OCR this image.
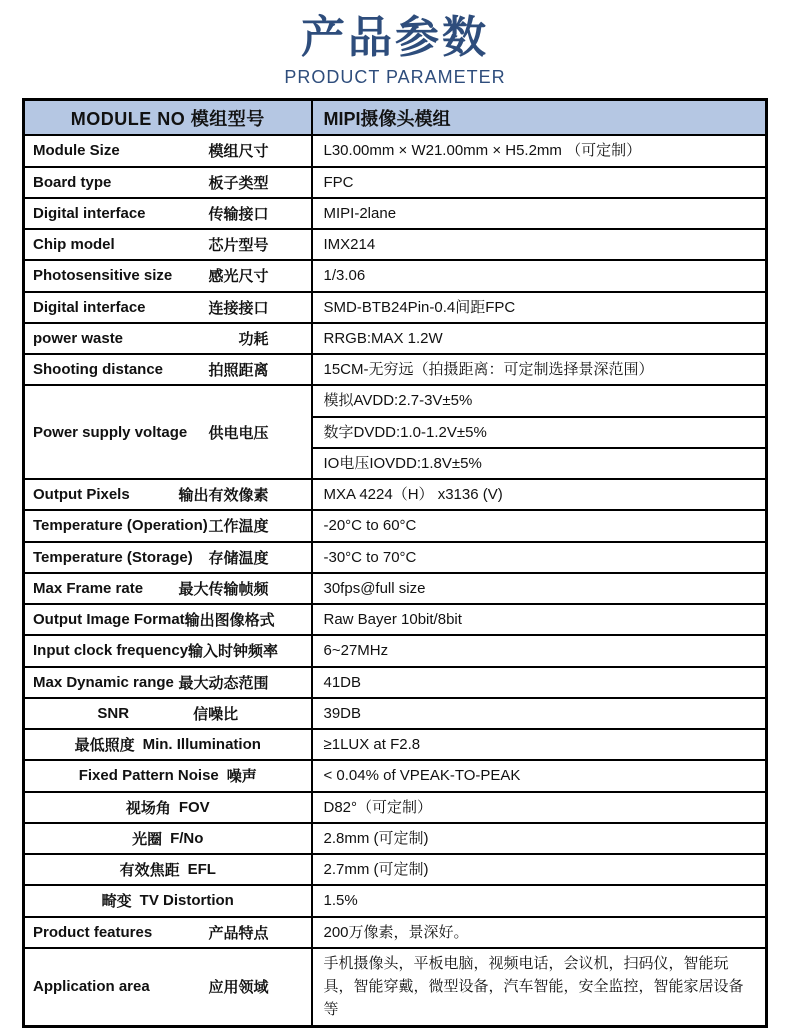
产品参数
PRODUCT PARAMETER
MODULE NO 模组型号	MIPI摄像头模组

Module Size 模组尺寸	L30.00mm × W21.00mm × H5.2mm （可定制）

Board type 板子类型	FPC

Digital interface 传输接口	MIPI-2lane

Chip model 芯片型号	IMX214

Photosensitive size 感光尺寸	1/3.06

Digital interface 连接接口	SMD-BTB24Pin-0.4间距FPC

power waste 功耗	RRGB:MAX 1.2W

Shooting distance 拍照距离	15CM-无穷远（拍摄距离：可定制选择景深范围）

Power supply voltage 供电电压	模拟AVDD:2.7-3V±5%
	数字DVDD:1.0-1.2V±5%
	IO电压IOVDD:1.8V±5%

Output Pixels 输出有效像素	MXA 4224（H） x3136 (V)

Temperature (Operation) 工作温度	-20°C to 60°C

Temperature (Storage) 存储温度	-30°C to 70°C

Max Frame rate 最大传输帧频	30fps@full size

Output Image Format 输出图像格式	Raw Bayer 10bit/8bit

Input clock frequency 输入时钟频率	6~27MHz

Max Dynamic range 最大动态范围	41DB

SNR 信噪比	39DB

最低照度 Min. Illumination	≥1LUX at F2.8

Fixed Pattern Noise 噪声	< 0.04% of VPEAK-TO-PEAK

视场角 FOV	D82°（可定制）

光圈 F/No	2.8mm (可定制)

有效焦距 EFL	2.7mm (可定制)

畸变 TV Distortion	1.5%

Product features 产品特点	200万像素，景深好。

Application area 应用领域	手机摄像头，平板电脑，视频电话，会议机，扫码仪，智能玩具，智能穿戴，微型设备，汽车智能，安全监控，智能家居设备等
